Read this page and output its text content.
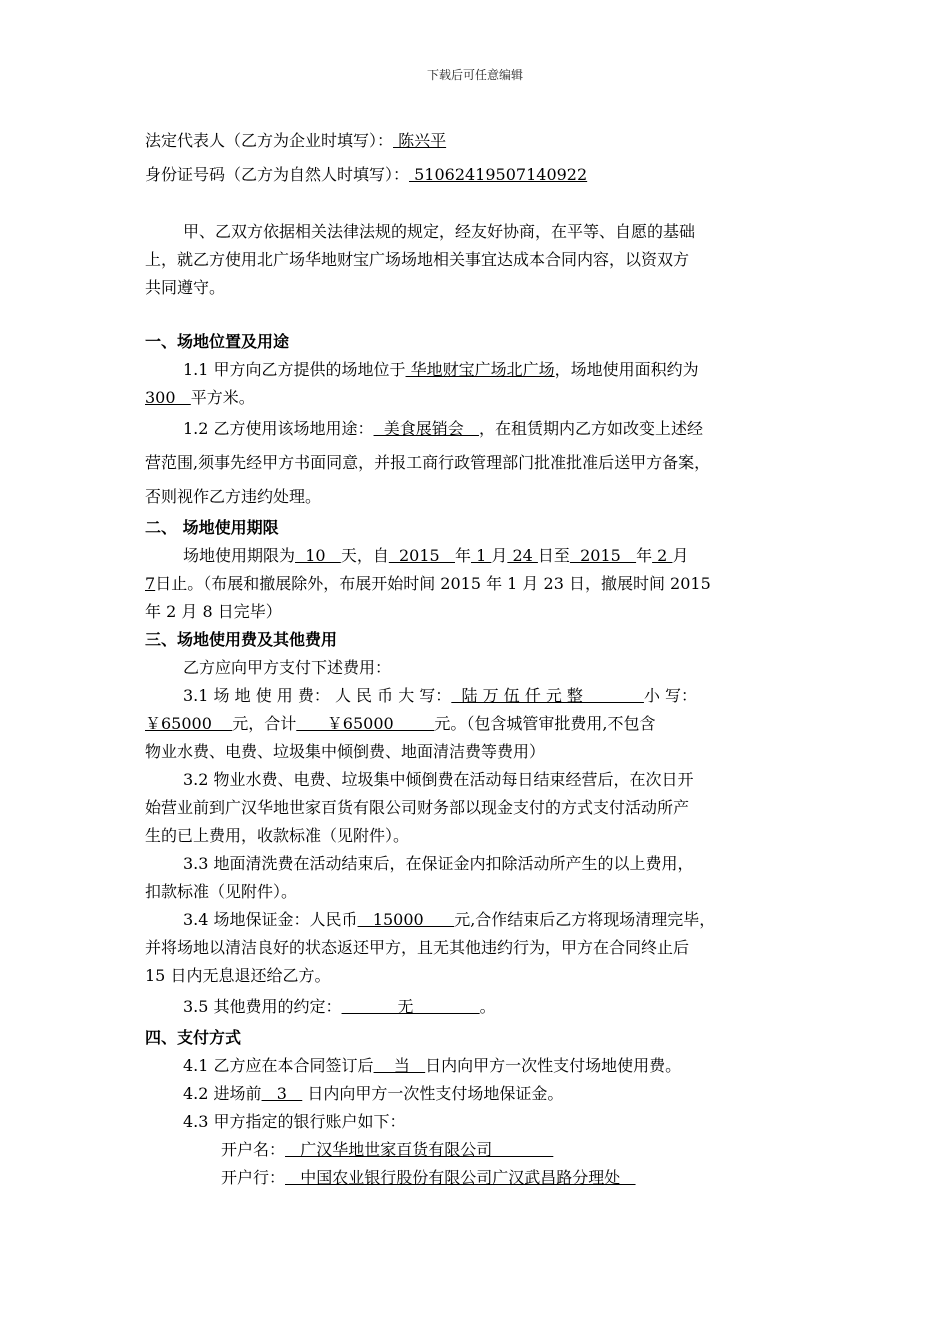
下载后可任意编辑
法定代表人（乙方为企业时填写）： 陈兴平
身份证号码（乙方为自然人时填写）： 51062419507140922
甲、乙双方依据相关法律法规的规定，经友好协商，在平等、自愿的基础
上，就乙方使用北广场华地财宝广场场地相关事宜达成本合同内容，以资双方
共同遵守。
一、场地位置及用途
1.1 甲方向乙方提供的场地位于 华地财宝广场北广场，场地使用面积约为
300   平方米。
1.2 乙方使用该场地用途：  美食展销会   ，在租赁期内乙方如改变上述经
营范围,须事先经甲方书面同意，并报工商行政管理部门批准批准后送甲方备案，
否则视作乙方违约处理。
二、 场地使用期限
场地使用期限为  10   天，自  2015   年 1 月 24 日至  2015   年 2 月
7日止。（布展和撤展除外，布展开始时间 2015 年 1 月 23 日，撤展时间 2015
年 2 月 8 日完毕）
三、场地使用费及其他费用
乙方应向甲方支付下述费用：
3.1 场 地 使 用 费： 人 民 币 大 写：  陆 万 伍 仟 元 整            小 写：
￥65000    元，合计      ￥65000        元。（包含城管审批费用,不包含
物业水费、电费、垃圾集中倾倒费、地面清洁费等费用）
3.2 物业水费、电费、垃圾集中倾倒费在活动每日结束经营后，在次日开
始营业前到广汉华地世家百货有限公司财务部以现金支付的方式支付活动所产
生的已上费用，收款标准（见附件）。
3.3 地面清洗费在活动结束后，在保证金内扣除活动所产生的以上费用，
扣款标准（见附件）。
3.4 场地保证金：人民币   15000      元,合作结束后乙方将现场清理完毕，
并将场地以清洁良好的状态返还甲方，且无其他违约行为，甲方在合同终止后
15 日内无息退还给乙方。
3.5 其他费用的约定：           无             。
四、支付方式
4.1 乙方应在本合同签订后    当   日内向甲方一次性支付场地使用费。
4.2 进场前   3    日内向甲方一次性支付场地保证金。
4.3 甲方指定的银行账户如下：
开户名：   广汉华地世家百货有限公司
开户行：   中国农业银行股份有限公司广汉武昌路分理处
